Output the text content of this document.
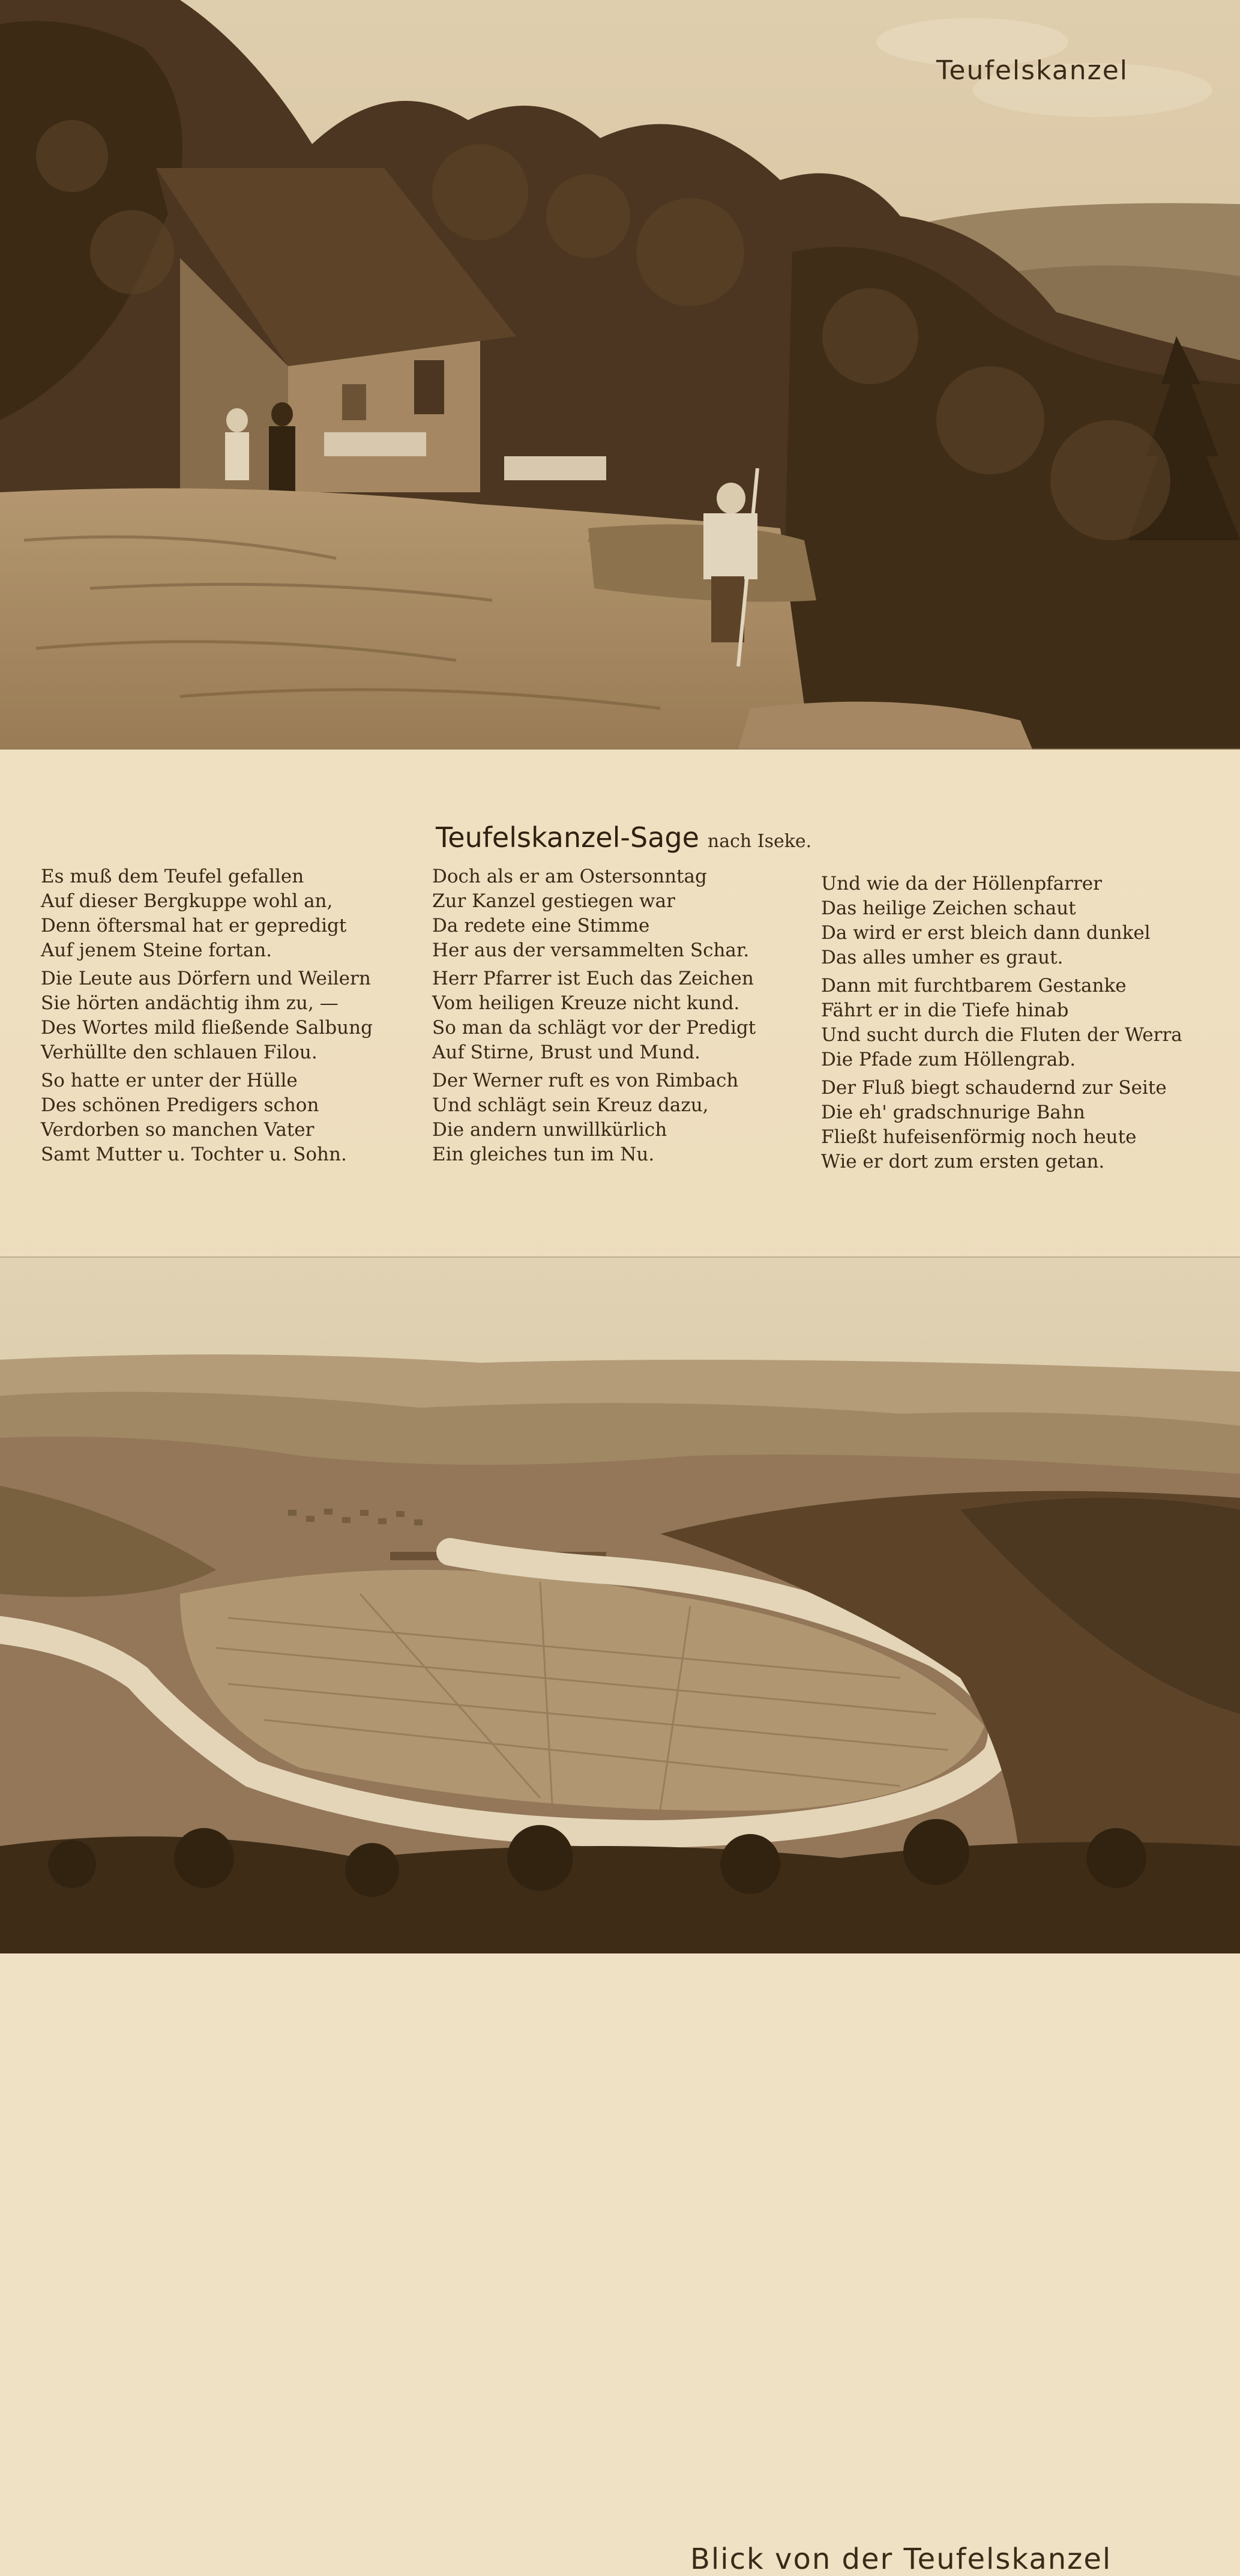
Teufelskanzel
Teufelskanzel-Sage nach Iseke.
Es muß dem Teufel gefallen
Auf dieser Bergkuppe wohl an,
Denn öftersmal hat er gepredigt
Auf jenem Steine fortan.
Die Leute aus Dörfern und Weilern
Sie hörten andächtig ihm zu, —
Des Wortes mild fließende Salbung
Verhüllte den schlauen Filou.
So hatte er unter der Hülle
Des schönen Predigers schon
Verdorben so manchen Vater
Samt Mutter u. Tochter u. Sohn.
Doch als er am Ostersonntag
Zur Kanzel gestiegen war
Da redete eine Stimme
Her aus der versammelten Schar.
Herr Pfarrer ist Euch das Zeichen
Vom heiligen Kreuze nicht kund.
So man da schlägt vor der Predigt
Auf Stirne, Brust und Mund.
Der Werner ruft es von Rimbach
Und schlägt sein Kreuz dazu,
Die andern unwillkürlich
Ein gleiches tun im Nu.
Und wie da der Höllenpfarrer
Das heilige Zeichen schaut
Da wird er erst bleich dann dunkel
Das alles umher es graut.
Dann mit furchtbarem Gestanke
Fährt er in die Tiefe hinab
Und sucht durch die Fluten der Werra
Die Pfade zum Höllengrab.
Der Fluß biegt schaudernd zur Seite
Die eh' gradschnurige Bahn
Fließt hufeisenförmig noch heute
Wie er dort zum ersten getan.
Blick von der Teufelskanzel
